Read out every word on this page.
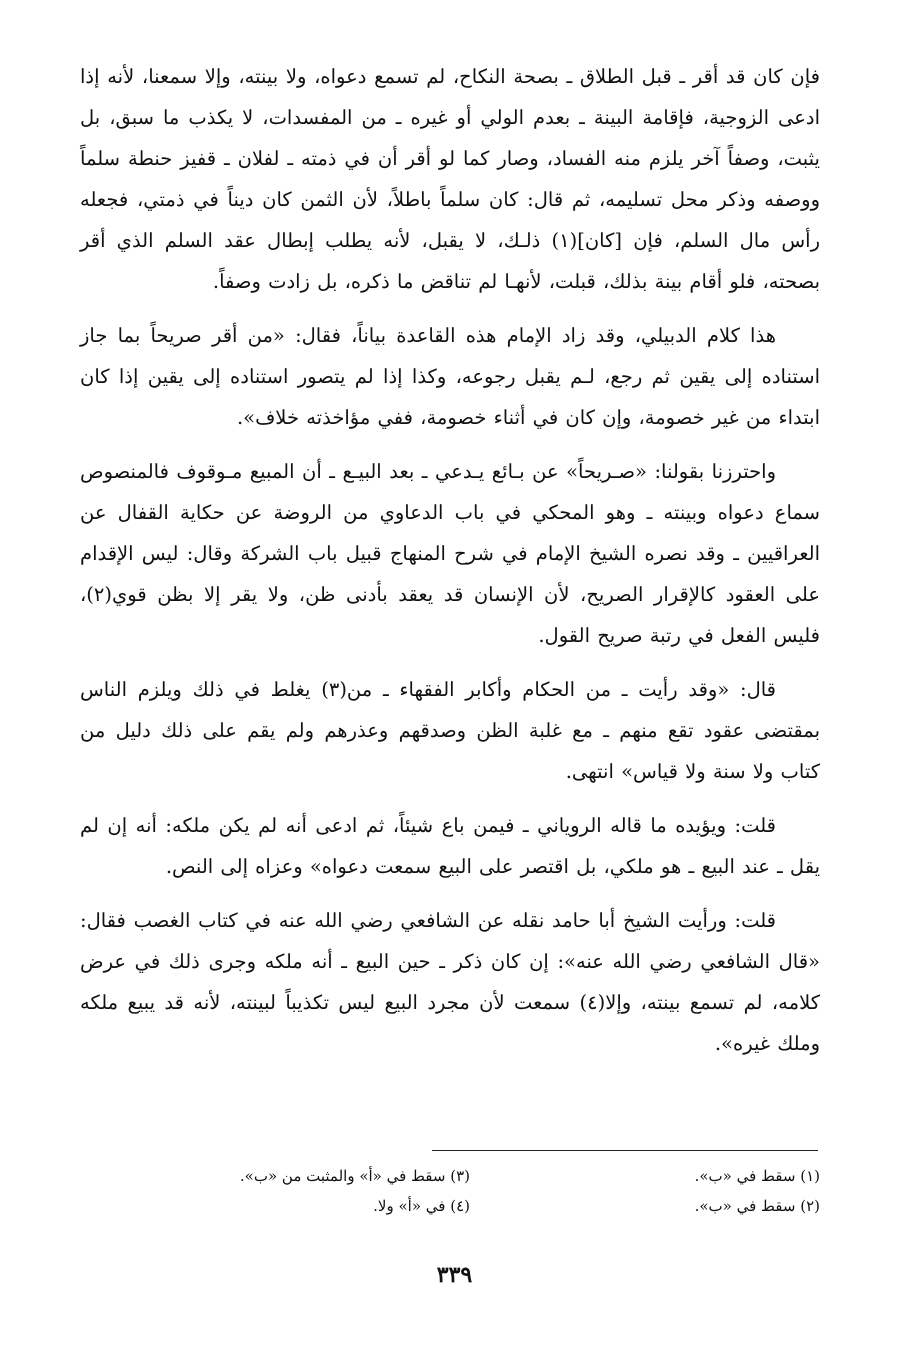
فإن كان قد أقر ـ قبل الطلاق ـ بصحة النكاح، لم تسمع دعواه، ولا بينته، وإلا سمعنا، لأنه إذا ادعى الزوجية، فإقامة البينة ـ بعدم الولي أو غيره ـ من المفسدات، لا يكذب ما سبق، بل يثبت، وصفاً آخر يلزم منه الفساد، وصار كما لو أقر أن في ذمته ـ لفلان ـ قفيز حنطة سلماً ووصفه وذكر محل تسليمه، ثم قال: كان سلماً باطلاً، لأن الثمن كان ديناً في ذمتي، فجعله رأس مال السلم، فإن [كان](١) ذلـك، لا يقبل، لأنه يطلب إبطال عقد السلم الذي أقر بصحته، فلو أقام بينة بذلك، قبلت، لأنهـا لم تناقض ما ذكره، بل زادت وصفاً.

هذا كلام الدبيلي، وقد زاد الإمام هذه القاعدة بياناً، فقال: «من أقر صريحاً بما جاز استناده إلى يقين ثم رجع، لـم يقبل رجوعه، وكذا إذا لم يتصور استناده إلى يقين إذا كان ابتداء من غير خصومة، وإن كان في أثناء خصومة، ففي مؤاخذته خلاف».

واحترزنا بقولنا: «صـريحاً» عن بـائع يـدعي ـ بعد البيـع ـ أن المبيع مـوقوف فالمنصوص سماع دعواه وبينته ـ وهو المحكي في باب الدعاوي من الروضة عن حكاية القفال عن العراقيين ـ وقد نصره الشيخ الإمام في شرح المنهاج قبيل باب الشركة وقال: ليس الإقدام على العقود كالإقرار الصريح، لأن الإنسان قد يعقد بأدنى ظن، ولا يقر إلا بظن قوي(٢)، فليس الفعل في رتبة صريح القول.

قال: «وقد رأيت ـ من الحكام وأكابر الفقهاء ـ من(٣) يغلط في ذلك ويلزم الناس بمقتضى عقود تقع منهم ـ مع غلبة الظن وصدقهم وعذرهم ولم يقم على ذلك دليل من كتاب ولا سنة ولا قياس» انتهى.

قلت: ويؤيده ما قاله الروياني ـ فيمن باع شيئاً، ثم ادعى أنه لم يكن ملكه: أنه إن لم يقل ـ عند البيع ـ هو ملكي، بل اقتصر على البيع سمعت دعواه» وعزاه إلى النص.

قلت: ورأيت الشيخ أبا حامد نقله عن الشافعي رضي الله عنه في كتاب الغصب فقال: «قال الشافعي رضي الله عنه»: إن كان ذكر ـ حين البيع ـ أنه ملكه وجرى ذلك في عرض كلامه، لم تسمع بينته، وإلا(٤) سمعت لأن مجرد البيع ليس تكذيباً لبينته، لأنه قد يبيع ملكه وملك غيره».

(١) سقط في «ب».
(٣) سقط في «أ» والمثبت من «ب».
(٢) سقط في «ب».
(٤) في «أ» ولا.
٣٣٩
